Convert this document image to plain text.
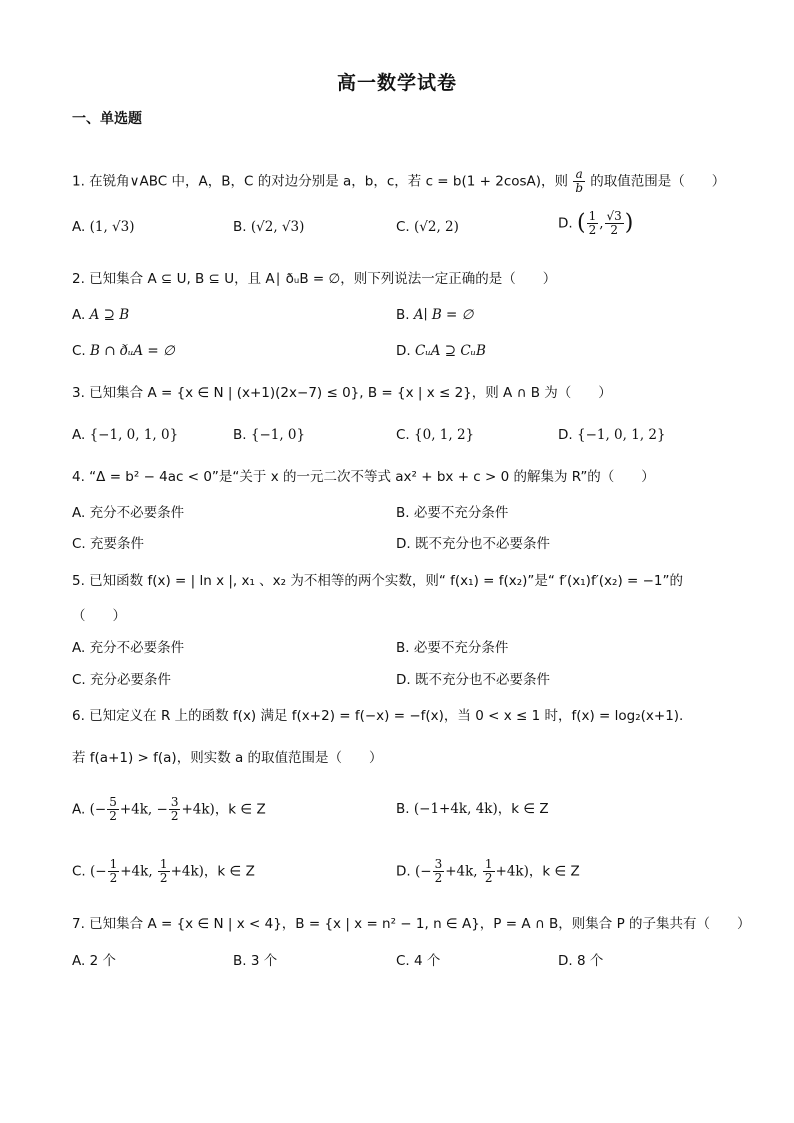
高一数学试卷
一、单选题
1. 在锐角∨ABC 中，A，B，C 的对边分别是 a，b，c，若 c = b(1 + 2cosA)，则 $\frac{a}{b}$ 的取值范围是（　　）
A. (1, √3)	B. (√2, √3)	C. (√2, 2)	D. ( $\frac{1}{2}$ , $\frac{√3}{2}$ )
2. 已知集合 A ⊆ U, B ⊆ U，且 A∣ ðᵤB = ∅，则下列说法一定正确的是（　　）
A. A ⊇ B	B. A∣ B = ∅
C. B ∩ ðᵤA = ∅	D. CᵤA ⊇ CᵤB
3. 已知集合 A = {x ∈ N | (x+1)(2x−7) ≤ 0}, B = {x | x ≤ 2}，则 A ∩ B 为（　　）
A. {−1, 0, 1, 0}	B. {−1, 0}	C. {0, 1, 2}	D. {−1, 0, 1, 2}
4. “Δ = b² − 4ac < 0”是“关于 x 的一元二次不等式 ax² + bx + c > 0 的解集为 R”的（　　）
A. 充分不必要条件	B. 必要不充分条件
C. 充要条件	D. 既不充分也不必要条件
5. 已知函数 f(x) = | ln x |, x₁ 、x₂ 为不相等的两个实数，则“ f(x₁) = f(x₂)”是“ f′(x₁)f′(x₂) = −1”的
（　　）
A. 充分不必要条件	B. 必要不充分条件
C. 充分必要条件	D. 既不充分也不必要条件
6. 已知定义在 R 上的函数 f(x) 满足 f(x+2) = f(−x) = −f(x)，当 0 < x ≤ 1 时，f(x) = log₂(x+1).
若 f(a+1) > f(a)，则实数 a 的取值范围是（　　）
A. (− $\frac{5}{2} +4k$, − $\frac{3}{2} +4k$)，k ∈ Z	B. (−1+4k, 4k)，k ∈ Z
C. (− $\frac{1}{2} +4k$, $\frac{1}{2} +4k$)，k ∈ Z	D. (− $\frac{3}{2} +4k$, $\frac{1}{2} +4k$)，k ∈ Z
7. 已知集合 A = {x ∈ N | x < 4}，B = {x | x = n² − 1, n ∈ A}，P = A ∩ B，则集合 P 的子集共有（　　）
A. 2 个	B. 3 个	C. 4 个	D. 8 个
